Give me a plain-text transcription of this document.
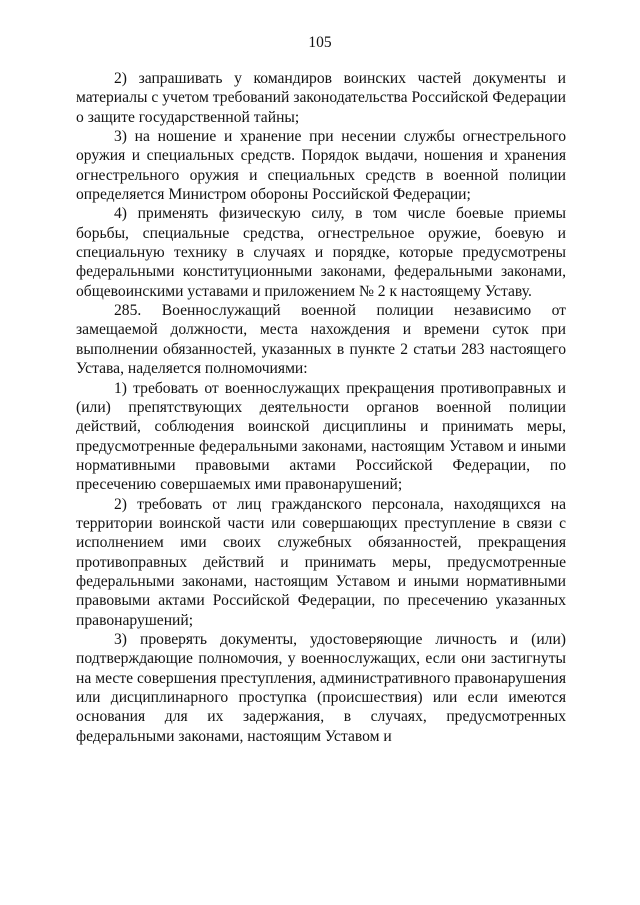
105

2) запрашивать у командиров воинских частей документы и материалы с учетом требований законодательства Российской Федерации о защите государственной тайны;

3) на ношение и хранение при несении службы огнестрельного оружия и специальных средств. Порядок выдачи, ношения и хранения огнестрельного оружия и специальных средств в военной полиции определяется Министром обороны Российской Федерации;

4) применять физическую силу, в том числе боевые приемы борьбы, специальные средства, огнестрельное оружие, боевую и специальную технику в случаях и порядке, которые предусмотрены федеральными конституционными законами, федеральными законами, общевоинскими уставами и приложением № 2 к настоящему Уставу.

285. Военнослужащий военной полиции независимо от замещаемой должности, места нахождения и времени суток при выполнении обязанностей, указанных в пункте 2 статьи 283 настоящего Устава, наделяется полномочиями:

1) требовать от военнослужащих прекращения противоправных и (или) препятствующих деятельности органов военной полиции действий, соблюдения воинской дисциплины и принимать меры, предусмотренные федеральными законами, настоящим Уставом и иными нормативными правовыми актами Российской Федерации, по пресечению совершаемых ими правонарушений;

2) требовать от лиц гражданского персонала, находящихся на территории воинской части или совершающих преступление в связи с исполнением ими своих служебных обязанностей, прекращения противоправных действий и принимать меры, предусмотренные федеральными законами, настоящим Уставом и иными нормативными правовыми актами Российской Федерации, по пресечению указанных правонарушений;

3) проверять документы, удостоверяющие личность и (или) подтверждающие полномочия, у военнослужащих, если они застигнуты на месте совершения преступления, административного правонарушения или дисциплинарного проступка (происшествия) или если имеются основания для их задержания, в случаях, предусмотренных федеральными законами, настоящим Уставом и
